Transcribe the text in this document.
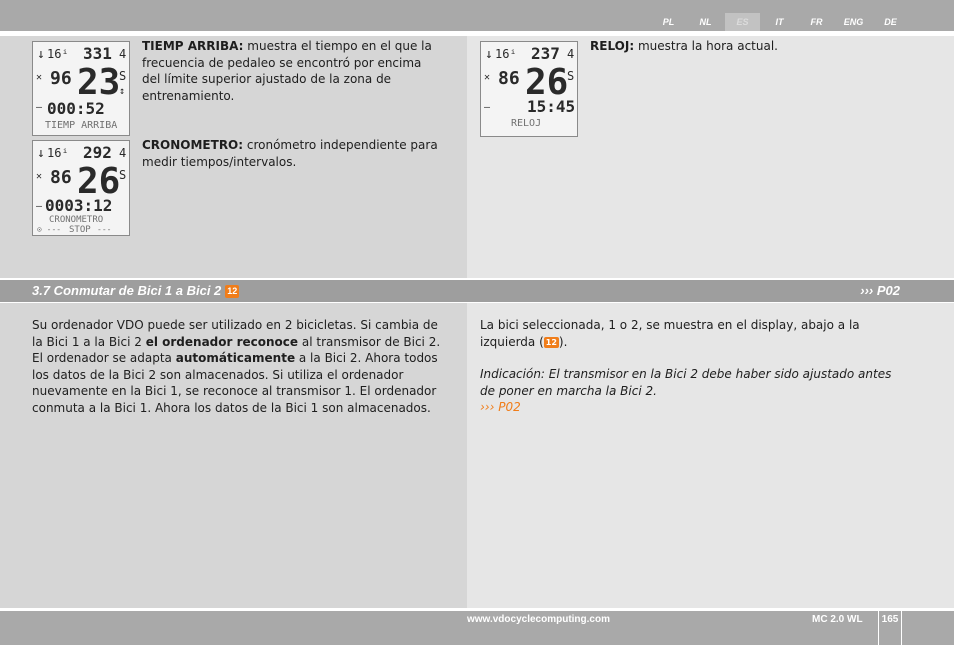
PL	NL	ES	IT	FR	ENG	DE
↓ 16ⁱ 331 4
✕ 96 23
S
↕
— 000:52
TIEMP ARRIBA
↓ 16ⁱ 292 4
✕ 86 26
S
— 0003:12
CRONOMETRO
⊙ --- STOP ---
TIEMP ARRIBA: muestra el tiempo en el que la frecuencia de pedaleo se encontró por encima del límite superior ajustado de la zona de entrenamiento.
CRONOMETRO: cronómetro independiente para medir tiempos/intervalos.
↓ 16ⁱ 237 4
✕ 86 26
S
— 15:45
RELOJ
RELOJ: muestra la hora actual.
3.7 Conmutar de Bici 1 a Bici 2 12	››› P02
Su ordenador VDO puede ser utilizado en 2 bicicletas. Si cambia de la Bici 1 a la Bici 2 el ordenador reconoce al transmisor de Bici 2.
El ordenador se adapta automáticamente a la Bici 2. Ahora todos los datos de la Bici 2 son almacenados. Si utiliza el ordenador nuevamente en la Bici 1, se reconoce al transmisor 1. El ordenador conmuta a la Bici 1. Ahora los datos de la Bici 1 son almacenados.
La bici seleccionada, 1 o 2, se muestra en el display, abajo a la izquierda ( 12 ).
Indicación: El transmisor en la Bici 2 debe haber sido ajustado antes de poner en marcha la Bici 2.
››› P02
www.vdocyclecomputing.com	MC 2.0 WL	165
